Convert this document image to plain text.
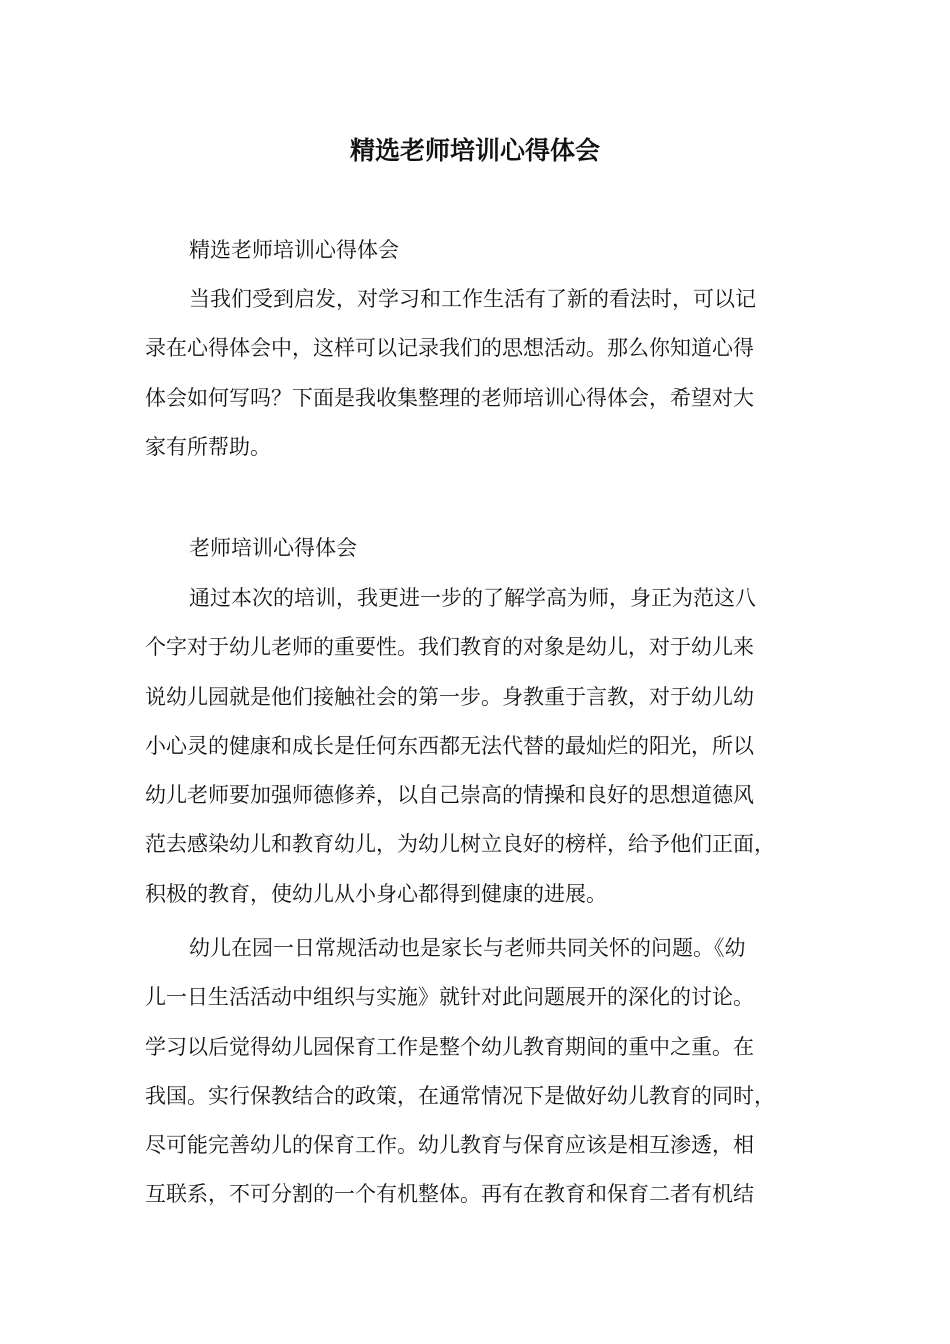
精选老师培训心得体会
精选老师培训心得体会
当我们受到启发，对学习和工作生活有了新的看法时，可以记
录在心得体会中，这样可以记录我们的思想活动。那么你知道心得
体会如何写吗？下面是我收集整理的老师培训心得体会，希望对大
家有所帮助。
老师培训心得体会
通过本次的培训，我更进一步的了解学高为师，身正为范这八
个字对于幼儿老师的重要性。我们教育的对象是幼儿，对于幼儿来
说幼儿园就是他们接触社会的第一步。身教重于言教，对于幼儿幼
小心灵的健康和成长是任何东西都无法代替的最灿烂的阳光，所以
幼儿老师要加强师德修养，以自己崇高的情操和良好的思想道德风
范去感染幼儿和教育幼儿，为幼儿树立良好的榜样，给予他们正面，
积极的教育，使幼儿从小身心都得到健康的进展。
幼儿在园一日常规活动也是家长与老师共同关怀的问题。《幼
儿一日生活活动中组织与实施》就针对此问题展开的深化的讨论。
学习以后觉得幼儿园保育工作是整个幼儿教育期间的重中之重。在
我国。实行保教结合的政策，在通常情况下是做好幼儿教育的同时，
尽可能完善幼儿的保育工作。幼儿教育与保育应该是相互渗透，相
互联系，不可分割的一个有机整体。再有在教育和保育二者有机结
